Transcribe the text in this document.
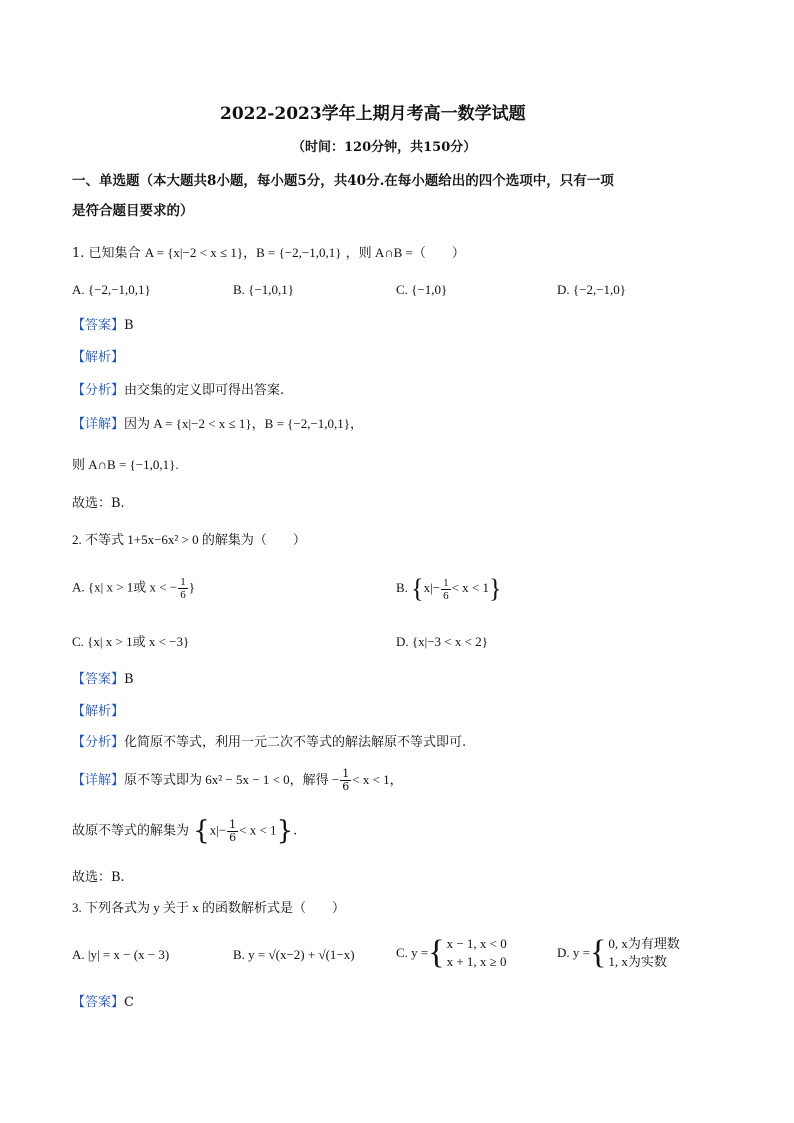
2022-2023学年上期月考高一数学试题
（时间：120分钟，共150分）
一、单选题（本大题共8小题，每小题5分，共40分.在每小题给出的四个选项中，只有一项
是符合题目要求的）
1. 已知集合 A = {x|−2 < x ≤ 1}，B = {−2,−1,0,1} ，则 A∩B =（　　）
A. {−2,−1,0,1}	B. {−1,0,1}	C. {−1,0}	D. {−2,−1,0}
【答案】B
【解析】
【分析】由交集的定义即可得出答案.
【详解】因为 A = {x|−2 < x ≤ 1}，B = {−2,−1,0,1}，
则 A∩B = {−1,0,1}.
故选：B.
2. 不等式 1+5x−6x² > 0 的解集为（　　）
A. {x| x > 1或 x < − $\frac{1}{6}$ }	B. $\{x|- \frac{1}{6} < x < 1\}$
C. {x| x > 1或 x < −3}	D. {x|−3 < x < 2}
【答案】B
【解析】
【分析】化简原不等式，利用一元二次不等式的解法解原不等式即可.
【详解】原不等式即为 6x² − 5x − 1 < 0，解得 − $\frac{1}{6} < x < 1$，
故原不等式的解集为 $\{x|- \frac{1}{6} < x < 1\}$.
故选：B.
3. 下列各式为 y 关于 x 的函数解析式是（　　）
A. |y| = x − (x − 3)	B. y = √(x−2) + √(1−x)	C. y ={ x − 1, x < 0
x + 1, x ≥ 0
D. y ={ 0, x为有理数
1, x为实数
【答案】C
